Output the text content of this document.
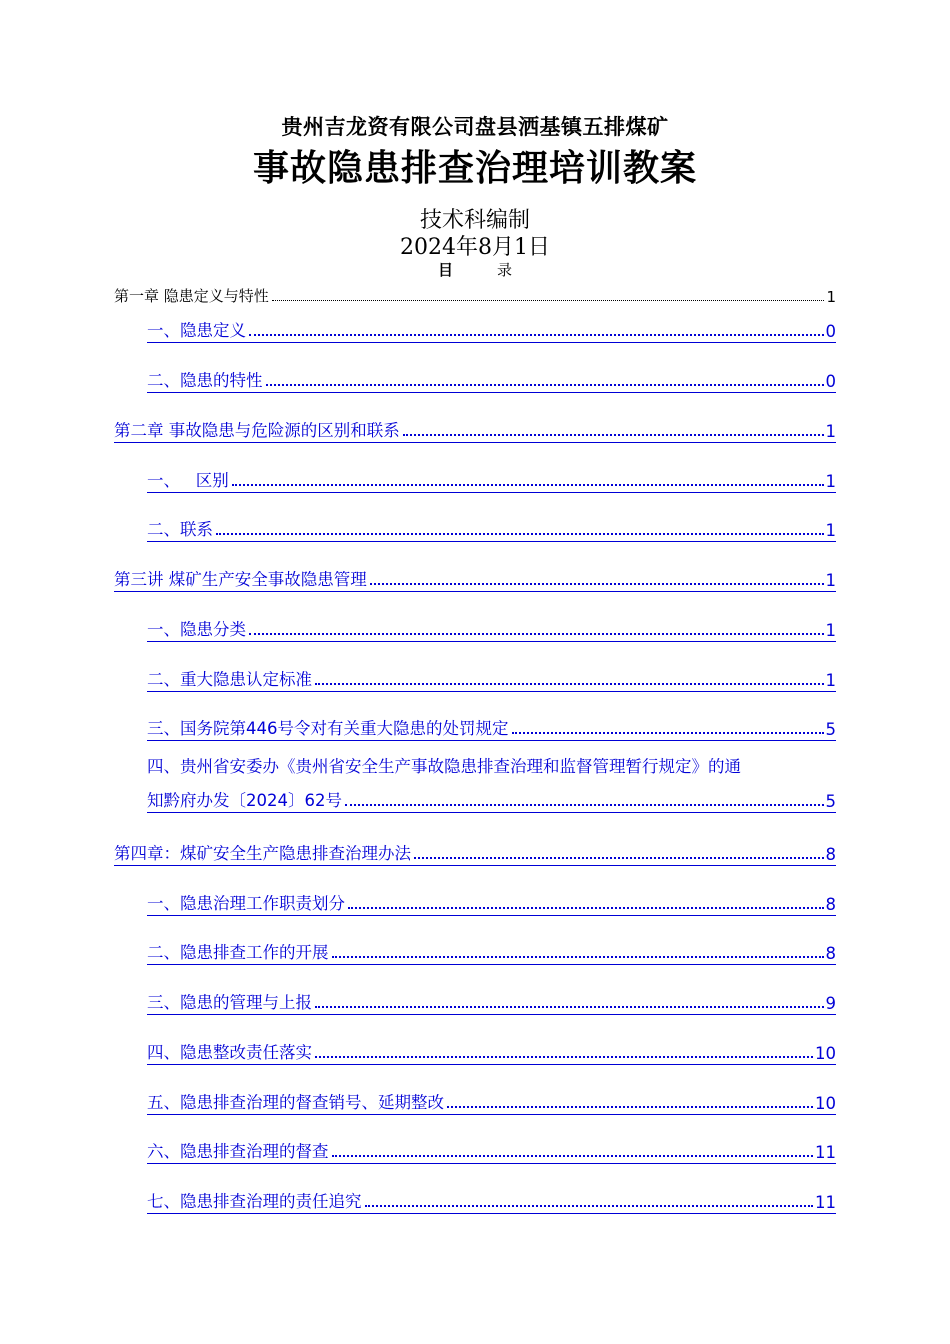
贵州吉龙资有限公司盘县洒基镇五排煤矿
事故隐患排查治理培训教案
技术科编制
2024年8月1日
目	录
第一章 隐患定义与特性	1
一、隐患定义	0
二、隐患的特性	0
第二章 事故隐患与危险源的区别和联系	1
一、   区别	1
二、联系	1
第三讲 煤矿生产安全事故隐患管理	1
一、隐患分类	1
二、重大隐患认定标准	1
三、国务院第446号令对有关重大隐患的处罚规定	5
四、贵州省安委办《贵州省安全生产事故隐患排查治理和监督管理暂行规定》的通
知黔府办发〔2024〕62号	5
第四章：煤矿安全生产隐患排查治理办法	8
一、隐患治理工作职责划分	8
二、隐患排查工作的开展	8
三、隐患的管理与上报	9
四、隐患整改责任落实	10
五、隐患排查治理的督查销号、延期整改	10
六、隐患排查治理的督查	11
七、隐患排查治理的责任追究	11
